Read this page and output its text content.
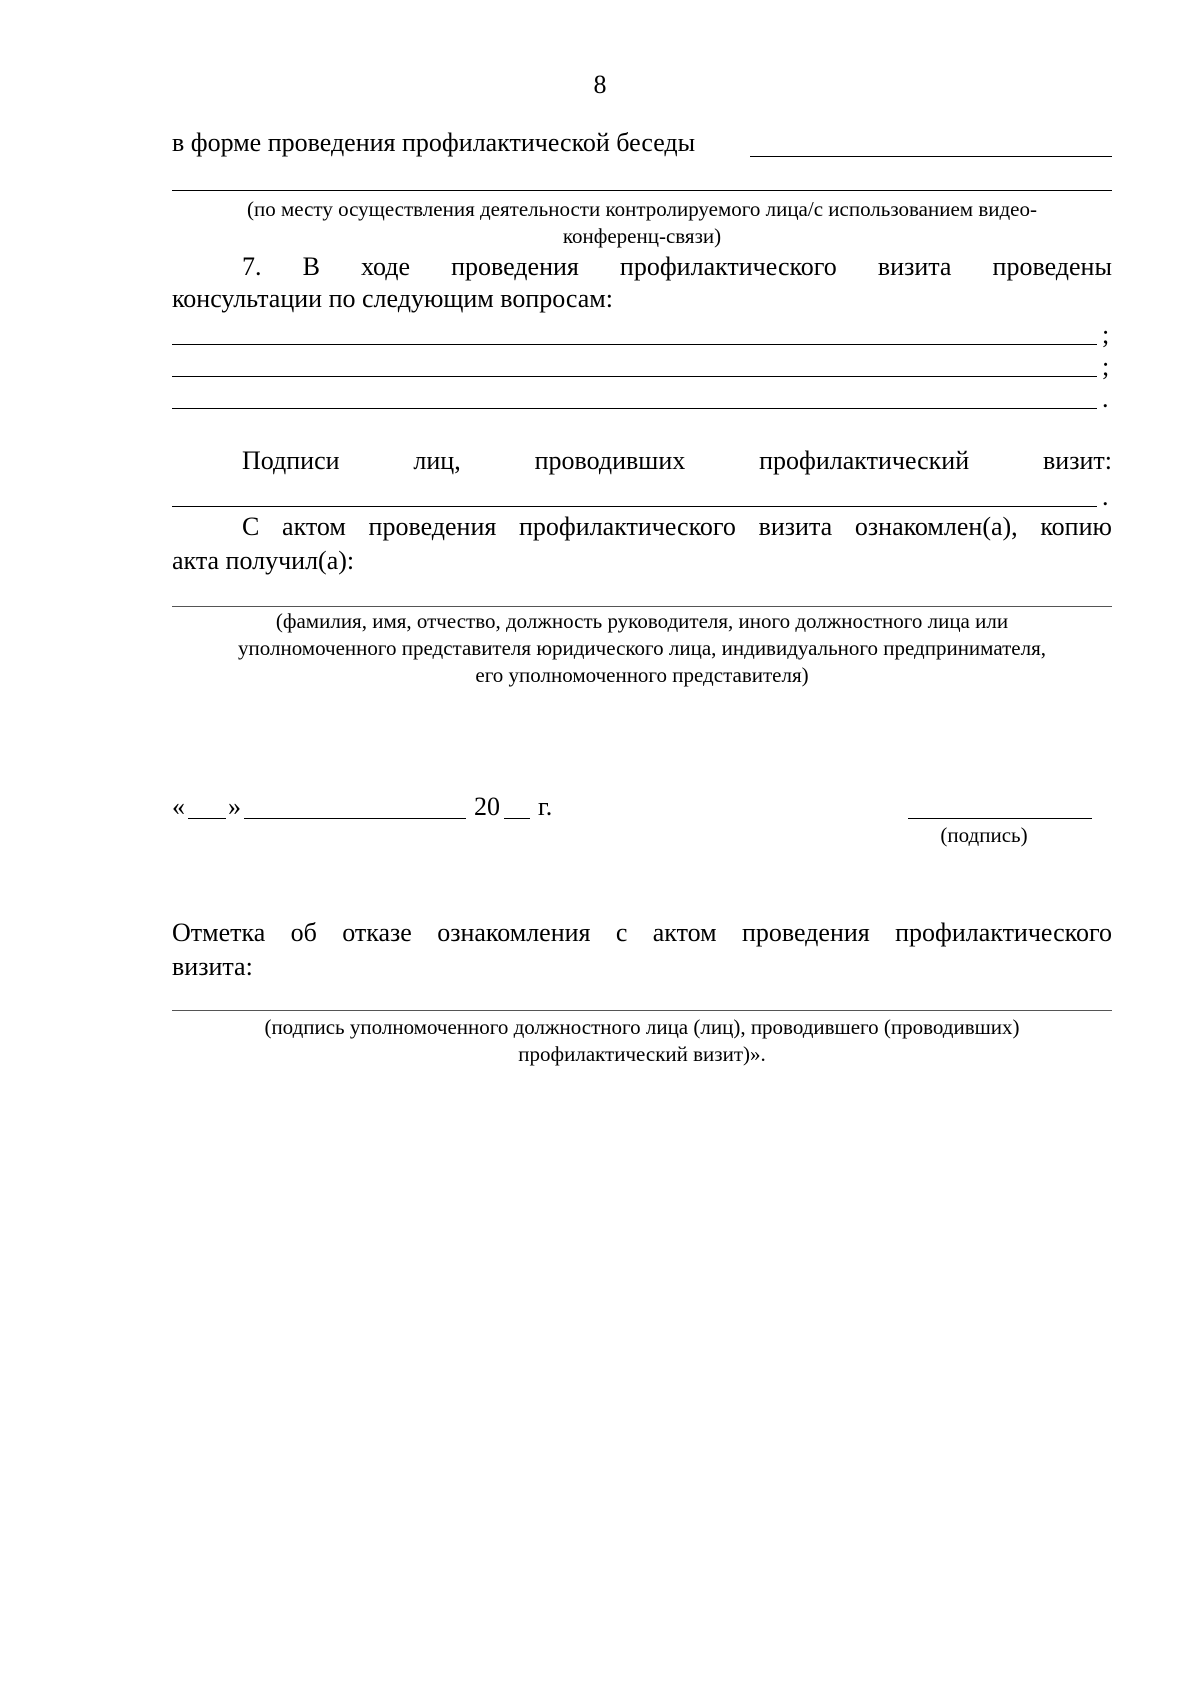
8
в форме проведения профилактической беседы
(по месту осуществления деятельности контролируемого лица/с использованием видео-
конференц-связи)
7. В ходе проведения профилактического визита проведены
консультации по следующим вопросам:
;
;
.
Подписи	лиц,	проводивших	профилактический	визит:
.
С актом проведения профилактического визита ознакомлен(а), копию
акта получил(а):
(фамилия, имя, отчество, должность руководителя, иного должностного лица или
уполномоченного представителя юридического лица, индивидуального предпринимателя,
его уполномоченного представителя)
« »	20 г.
(подпись)
Отметка об отказе ознакомления с актом проведения профилактического
визита:
(подпись уполномоченного должностного лица (лиц), проводившего (проводивших)
профилактический визит)».
